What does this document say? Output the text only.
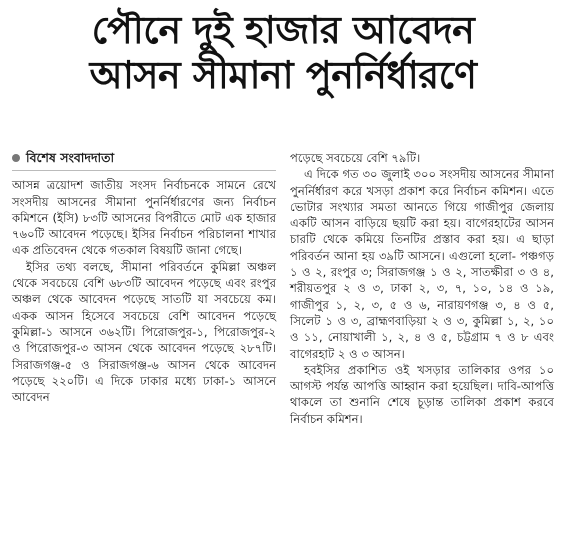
পৌনে দুই হাজার আবেদন
আসন সীমানা পুনর্নির্ধারণে
বিশেষ সংবাদদাতা

আসন্ন ত্রয়োদশ জাতীয় সংসদ নির্বাচনকে সামনে রেখে সংসদীয় আসনের সীমানা পুনর্নির্ধারণের জন্য নির্বাচন কমিশনে (ইসি) ৮৩টি আসনের বিপরীতে মোট এক হাজার ৭৬০টি আবেদন পড়েছে। ইসির নির্বাচন পরিচালনা শাখার এক প্রতিবেদন থেকে গতকাল বিষয়টি জানা গেছে।

ইসির তথ্য বলছে, সীমানা পরিবর্তনে কুমিল্লা অঞ্চল থেকে সবচেয়ে বেশি ৬৮৩টি আবেদন পড়েছে এবং রংপুর অঞ্চল থেকে আবেদন পড়েছে সাতটি যা সবচেয়ে কম। একক আসন হিসেবে সবচেয়ে বেশি আবেদন পড়েছে কুমিল্লা-১ আসনে ৩৬২টি। পিরোজপুর-১, পিরোজপুর-২ ও পিরোজপুর-৩ আসন থেকে আবেদন পড়েছে ২৮৭টি। সিরাজগঞ্জ-৫ ও সিরাজগঞ্জ-৬ আসন থেকে আবেদন পড়েছে ২২০টি। এ দিকে ঢাকার মধ্যে ঢাকা-১ আসনে আবেদন

পড়েছে সবচেয়ে বেশি ৭৯টি।

এ দিকে গত ৩০ জুলাই ৩০০ সংসদীয় আসনের সীমানা পুনর্নির্ধারণ করে খসড়া প্রকাশ করে নির্বাচন কমিশন। এতে ভোটার সংখ্যার সমতা আনতে গিয়ে গাজীপুর জেলায় একটি আসন বাড়িয়ে ছয়টি করা হয়। বাগেরহাটের আসন চারটি থেকে কমিয়ে তিনটির প্রস্তাব করা হয়। এ ছাড়া পরিবর্তন আনা হয় ৩৯টি আসনে। এগুলো হলো- পঞ্চগড় ১ ও ২, রংপুর ৩; সিরাজগঞ্জ ১ ও ২, সাতক্ষীরা ৩ ও ৪, শরীয়তপুর ২ ও ৩, ঢাকা ২, ৩, ৭, ১০, ১৪ ও ১৯, গাজীপুর ১, ২, ৩, ৫ ও ৬, নারায়ণগঞ্জ ৩, ৪ ও ৫, সিলেট ১ ও ৩, ব্রাহ্মণবাড়িয়া ২ ও ৩, কুমিল্লা ১, ২, ১০ ও ১১, নোয়াখালী ১, ২, ৪ ও ৫, চট্টগ্রাম ৭ ও ৮ এবং বাগেরহাট ২ ও ৩ আসন।

হবইসির প্রকাশিত ওই খসড়ার তালিকার ওপর ১০ আগস্ট পর্যন্ত আপত্তি আহ্বান করা হয়েছিল। দাবি-আপত্তি থাকলে তা শুনানি শেষে চূড়ান্ত তালিকা প্রকাশ করবে নির্বাচন কমিশন।
